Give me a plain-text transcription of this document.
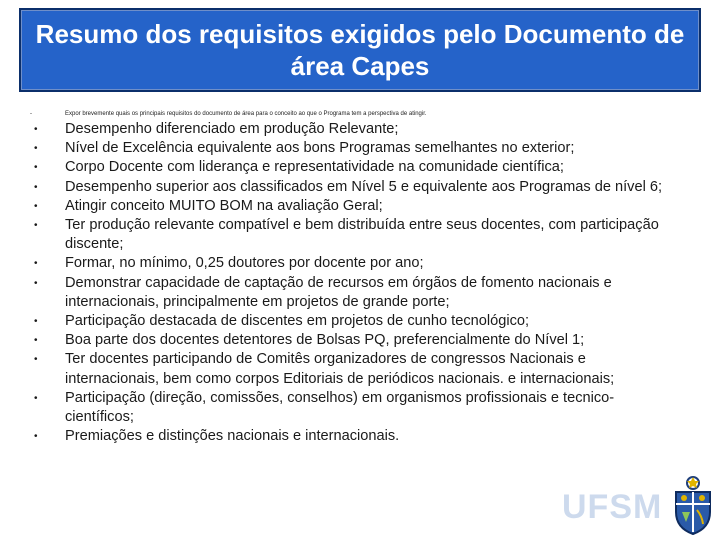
Resumo dos requisitos exigidos pelo Documento de área Capes
-	Expor brevemente quais os principais requisitos do documento de área para o conceito ao que o Programa tem a perspectiva de atingir.
•	Desempenho diferenciado em produção Relevante;
•	Nível de Excelência equivalente aos bons Programas semelhantes no exterior;
•	Corpo Docente com liderança e representatividade na comunidade científica;
•	Desempenho superior aos classificados em Nível 5 e equivalente aos Programas de nível 6;
•	Atingir conceito MUITO BOM na avaliação Geral;
•	Ter produção relevante compatível e bem distribuída entre seus docentes, com participação discente;
•	Formar, no mínimo, 0,25 doutores por docente por ano;
•	Demonstrar capacidade de captação de recursos em órgãos de fomento nacionais e internacionais, principalmente em projetos de grande porte;
•	Participação destacada de discentes em projetos de cunho tecnológico;
•	Boa parte dos docentes detentores de Bolsas PQ, preferencialmente do Nível 1;
•	Ter docentes participando de Comitês organizadores de congressos Nacionais e internacionais, bem como corpos Editoriais de periódicos nacionais. e internacionais;
•	Participação (direção, comissões, conselhos) em organismos profissionais e tecnico-científicos;
•	Premiações e distinções nacionais e internacionais.
UFSM
